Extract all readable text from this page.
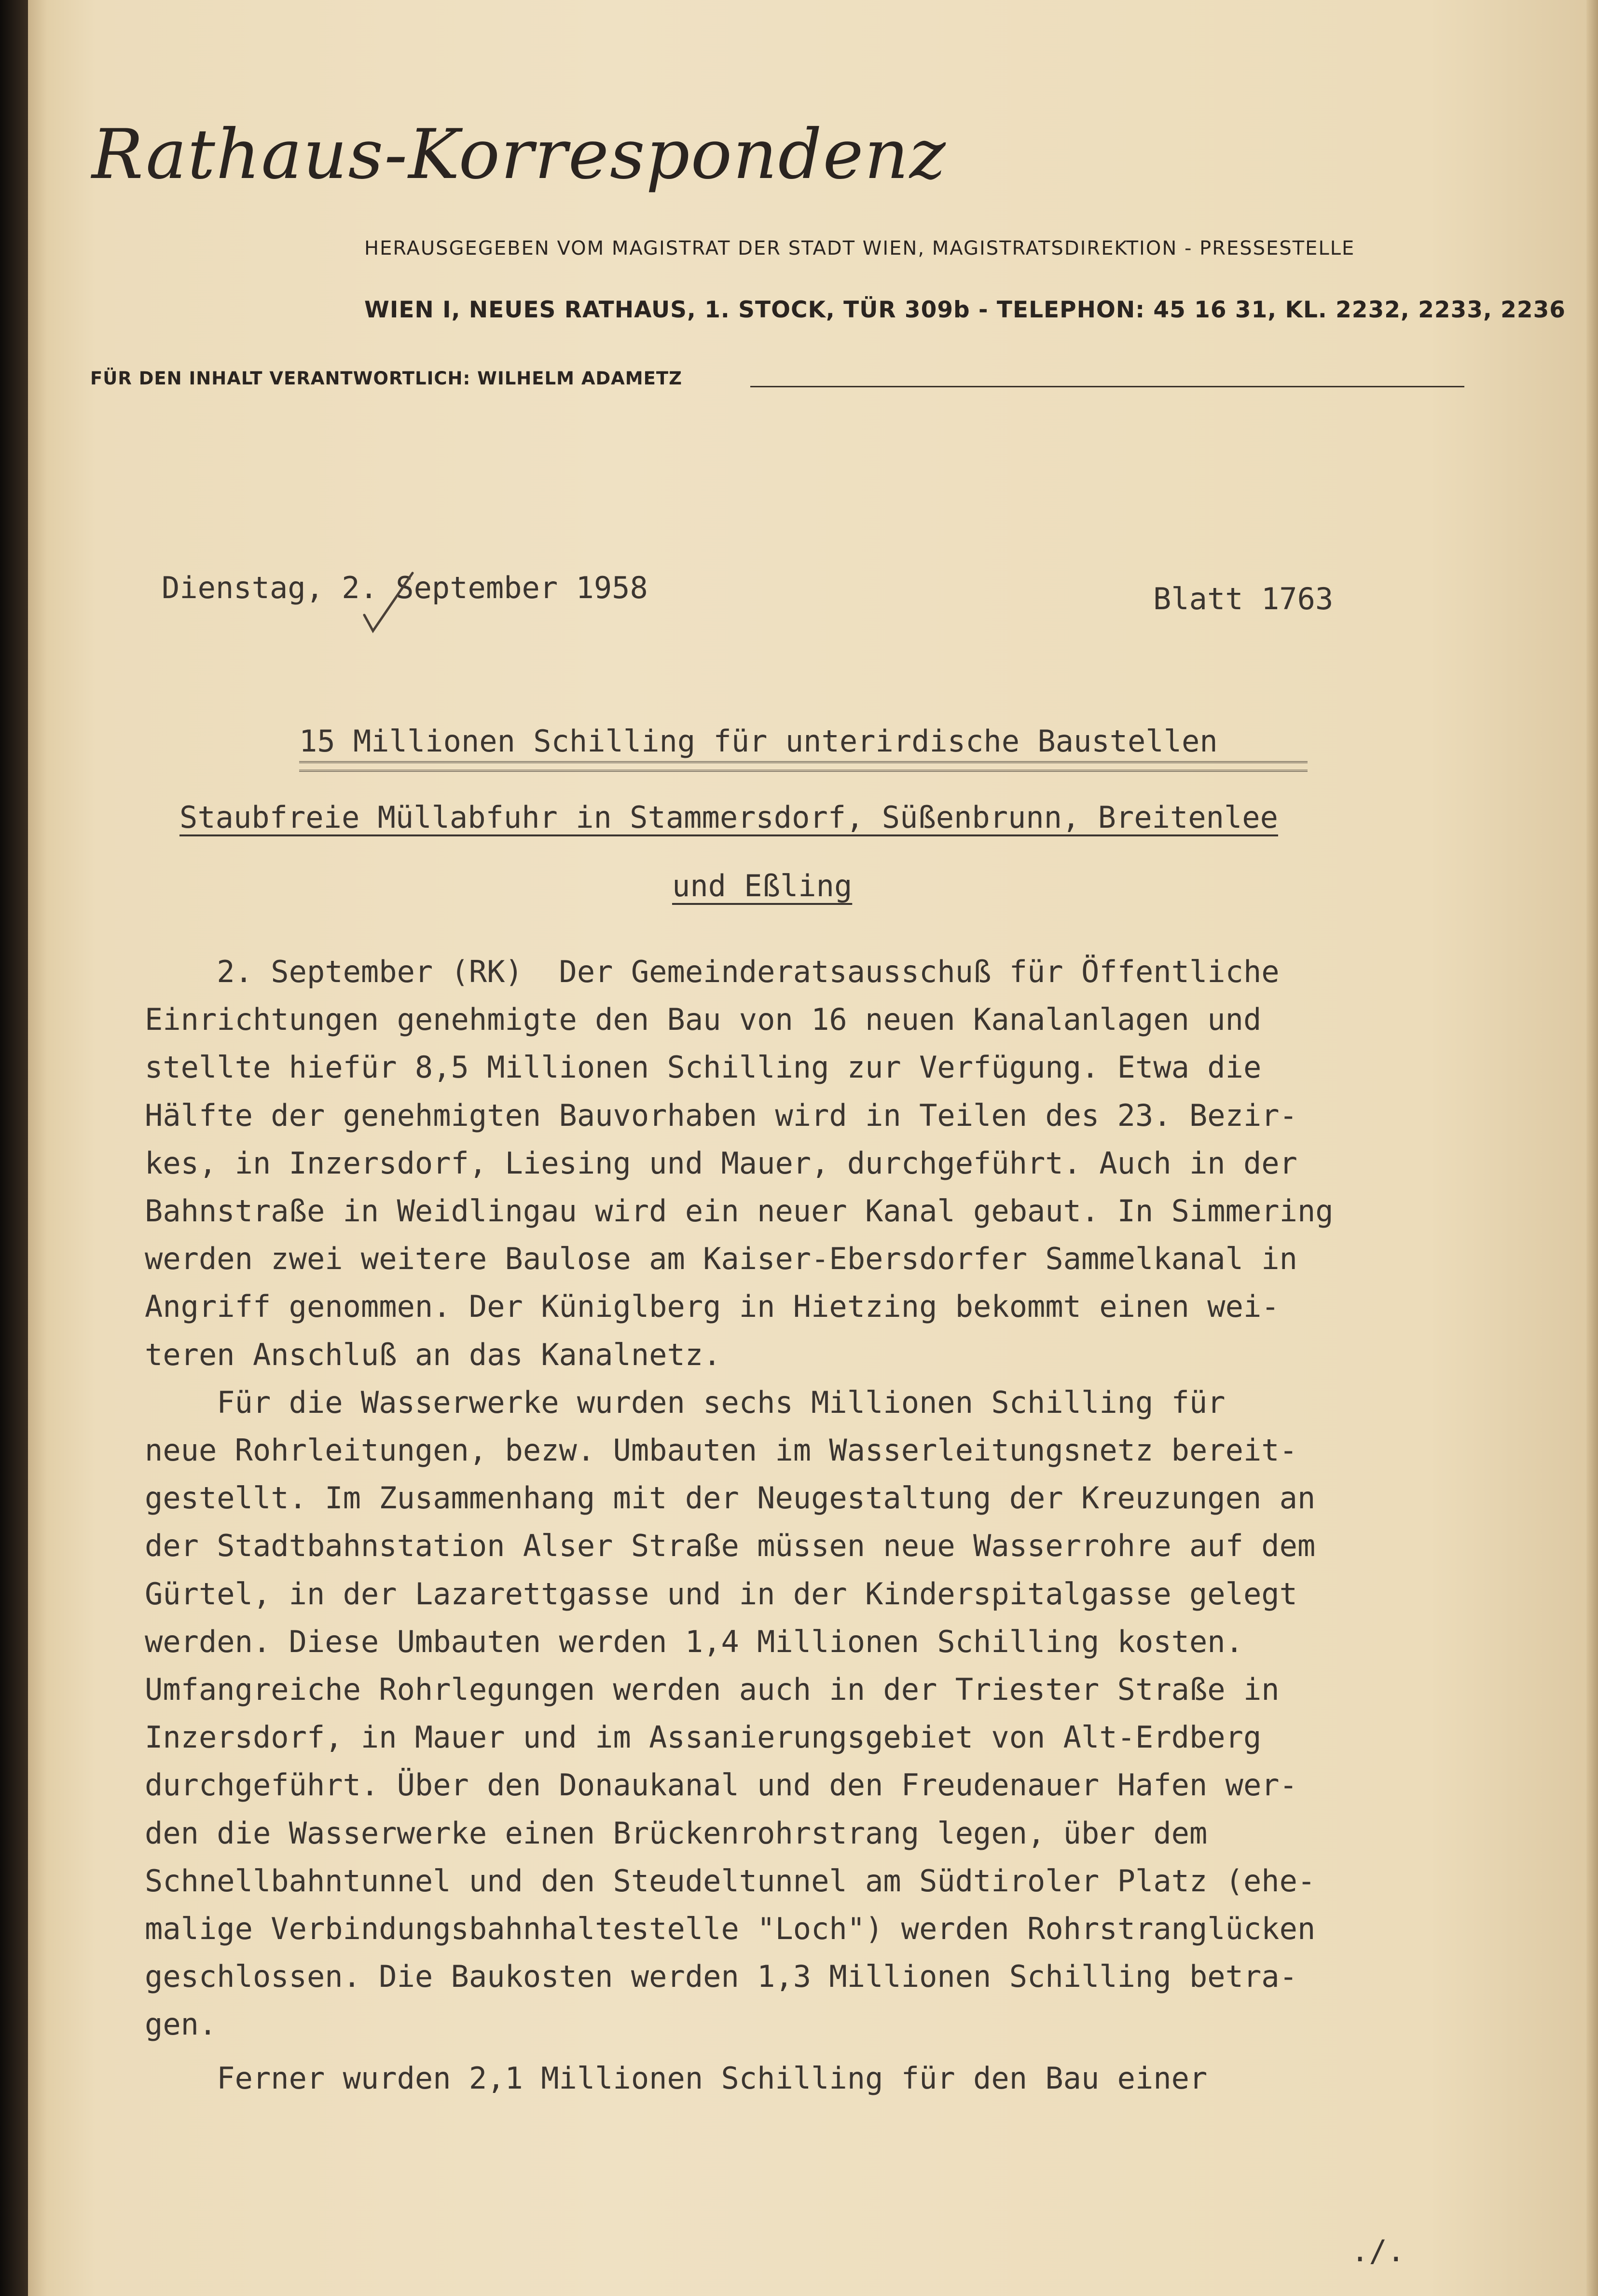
Rathaus-Korrespondenz
HERAUSGEGEBEN VOM MAGISTRAT DER STADT WIEN, MAGISTRATSDIREKTION - PRESSESTELLE
WIEN I, NEUES RATHAUS, 1. STOCK, TÜR 309b - TELEPHON: 45 16 31, KL. 2232, 2233, 2236
FÜR DEN INHALT VERANTWORTLICH: WILHELM ADAMETZ
Dienstag, 2. September 1958	Blatt 1763
15 Millionen Schilling für unterirdische Baustellen
Staubfreie Müllabfuhr in Stammersdorf, Süßenbrunn, Breitenlee
und Eßling

2. September (RK)  Der Gemeinderatsausschuß für Öffentliche
Einrichtungen genehmigte den Bau von 16 neuen Kanalanlagen und
stellte hiefür 8,5 Millionen Schilling zur Verfügung. Etwa die
Hälfte der genehmigten Bauvorhaben wird in Teilen des 23. Bezir-
kes, in Inzersdorf, Liesing und Mauer, durchgeführt. Auch in der
Bahnstraße in Weidlingau wird ein neuer Kanal gebaut. In Simmering
werden zwei weitere Baulose am Kaiser-Ebersdorfer Sammelkanal in
Angriff genommen. Der Küniglberg in Hietzing bekommt einen wei-
teren Anschluß an das Kanalnetz.

Für die Wasserwerke wurden sechs Millionen Schilling für
neue Rohrleitungen, bezw. Umbauten im Wasserleitungsnetz bereit-
gestellt. Im Zusammenhang mit der Neugestaltung der Kreuzungen an
der Stadtbahnstation Alser Straße müssen neue Wasserrohre auf dem
Gürtel, in der Lazarettgasse und in der Kinderspitalgasse gelegt
werden. Diese Umbauten werden 1,4 Millionen Schilling kosten.
Umfangreiche Rohrlegungen werden auch in der Triester Straße in
Inzersdorf, in Mauer und im Assanierungsgebiet von Alt-Erdberg
durchgeführt. Über den Donaukanal und den Freudenauer Hafen wer-
den die Wasserwerke einen Brückenrohrstrang legen, über dem
Schnellbahntunnel und den Steudeltunnel am Südtiroler Platz (ehe-
malige Verbindungsbahnhaltestelle "Loch") werden Rohrstranglücken
geschlossen. Die Baukosten werden 1,3 Millionen Schilling betra-
gen.

Ferner wurden 2,1 Millionen Schilling für den Bau einer

./.
